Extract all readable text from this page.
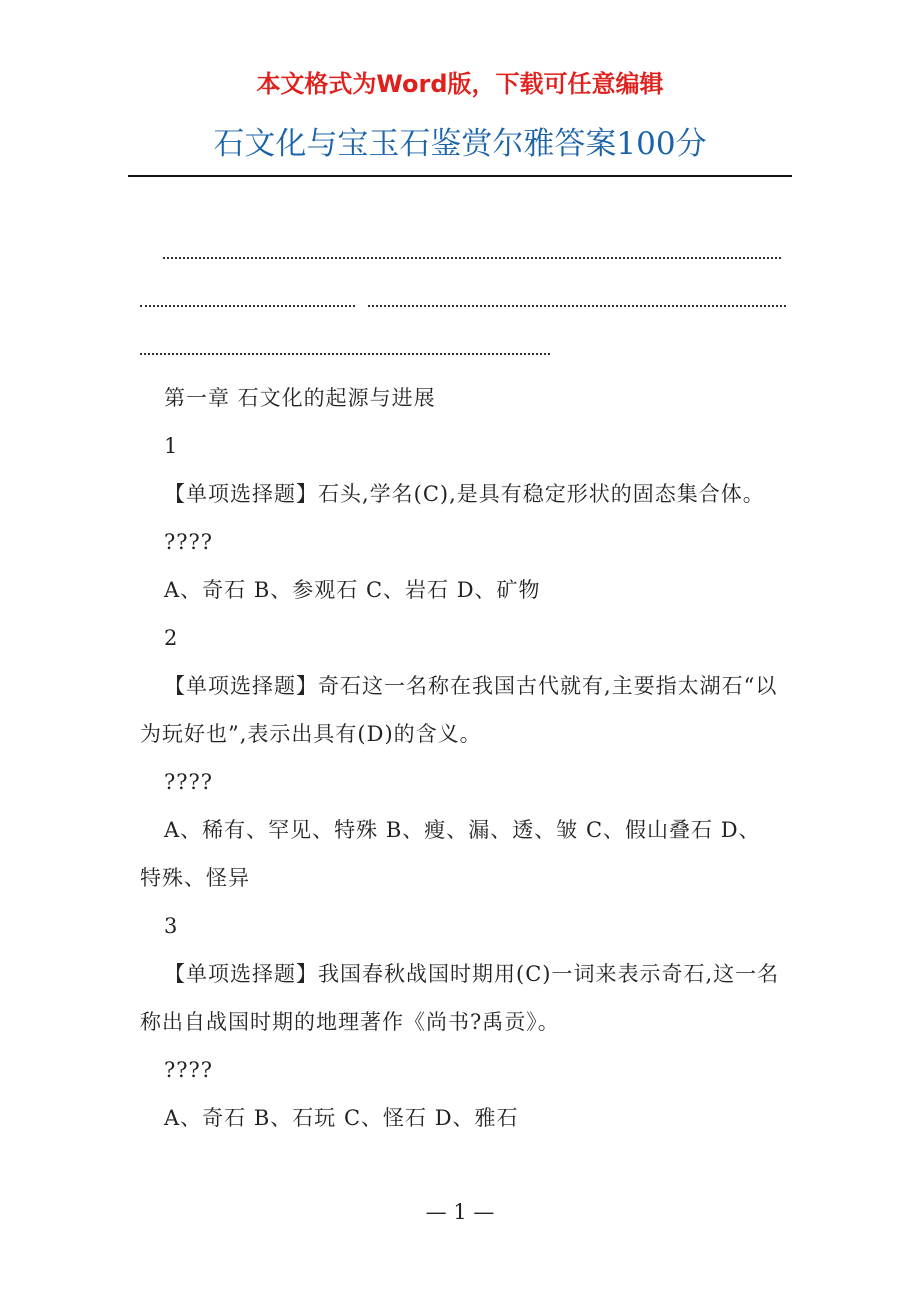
本文格式为Word版，下载可任意编辑
石文化与宝玉石鉴赏尔雅答案100分

第一章 石文化的起源与进展

1

【单项选择题】石头,学名(C),是具有稳定形状的固态集合体。

????

A、奇石 B、参观石 C、岩石 D、矿物

2

【单项选择题】奇石这一名称在我国古代就有,主要指太湖石“以为玩好也”,表示出具有(D)的含义。

????

A、稀有、罕见、特殊 B、瘦、漏、透、皱 C、假山叠石 D、特殊、怪异

3

【单项选择题】我国春秋战国时期用(C)一词来表示奇石,这一名称出自战国时期的地理著作《尚书?禹贡》。

????

A、奇石 B、石玩 C、怪石 D、雅石

— 1 —
